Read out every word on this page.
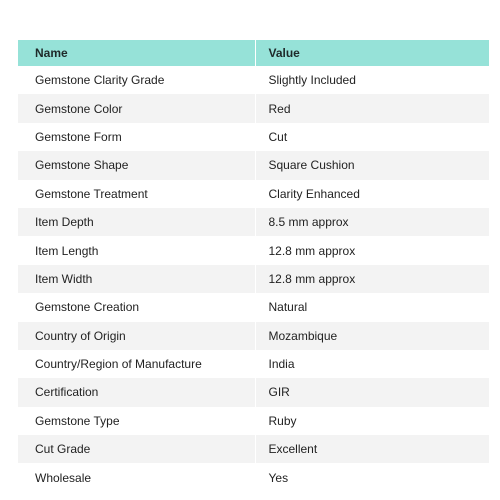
Name	Value
Gemstone Clarity Grade	Slightly Included
Gemstone Color	Red
Gemstone Form	Cut
Gemstone Shape	Square Cushion
Gemstone Treatment	Clarity Enhanced
Item Depth	8.5 mm approx
Item Length	12.8 mm approx
Item Width	12.8 mm approx
Gemstone Creation	Natural
Country of Origin	Mozambique
Country/Region of Manufacture	India
Certification	GIR
Gemstone Type	Ruby
Cut Grade	Excellent
Wholesale	Yes
